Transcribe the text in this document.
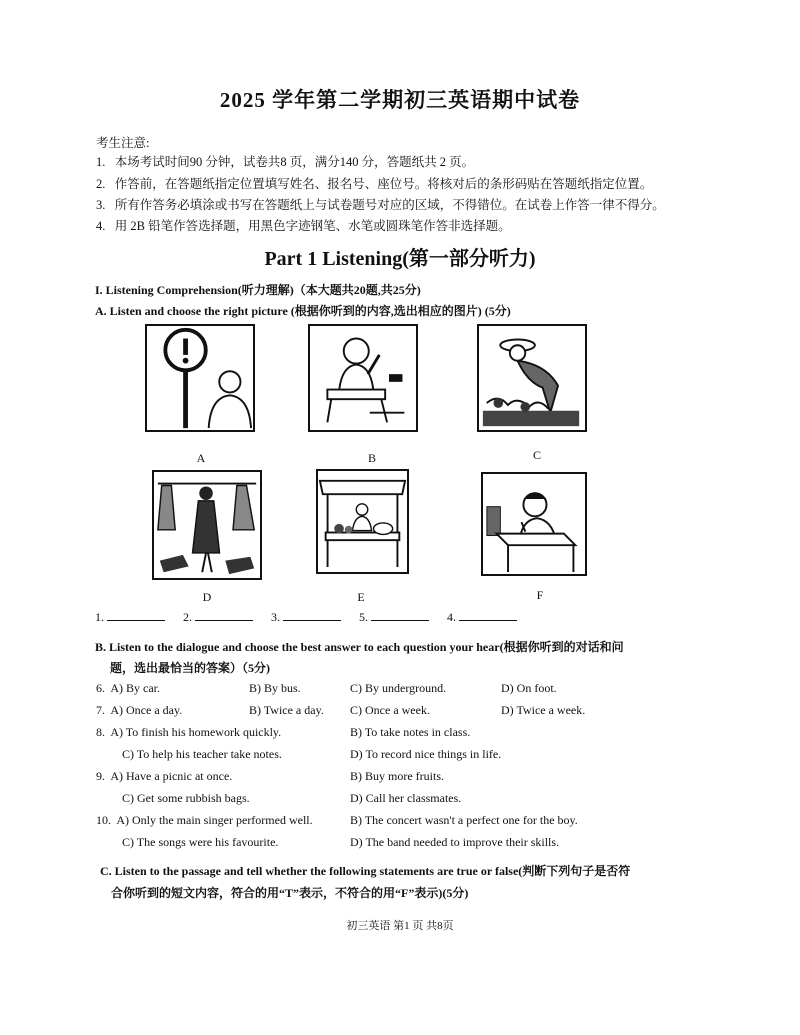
2025 学年第二学期初三英语期中试卷
考生注意:
1. 本场考试时间90 分钟，试卷共8 页，满分140 分，答题纸共 2 页。
2. 作答前，在答题纸指定位置填写姓名、报名号、座位号。将核对后的条形码贴在答题纸指定位置。
3. 所有作答务必填涂或书写在答题纸上与试卷题号对应的区域，不得错位。在试卷上作答一律不得分。
4. 用 2B 铅笔作答选择题，用黑色字迹钢笔、水笔或圆珠笔作答非选择题。
Part 1 Listening(第一部分听力)
I. Listening Comprehension(听力理解)（本大题共20题,共25分)
A. Listen and choose the right picture (根据你听到的内容,选出相应的图片) (5分)
A	B	C
D	E	F
1.	2.	3.	5.	4.
B. Listen to the dialogue and choose the best answer to each question your hear(根据你听到的对话和问
题，选出最恰当的答案）（5分)
6. A) By car.	B) By bus.	C) By underground.	D) On foot.
7. A) Once a day.	B) Twice a day. C) Once a week.	D) Twice a week.
8. A) To finish his homework quickly.	B) To take notes in class.
C) To help his teacher take notes.	D) To record nice things in life.
9. A) Have a picnic at once.	B) Buy more fruits.
C) Get some rubbish bags.	D) Call her classmates.
10. A) Only the main singer performed well.	B) The concert wasn't a perfect one for the boy.
C) The songs were his favourite.	D) The band needed to improve their skills.
C. Listen to the passage and tell whether the following statements are true or false(判断下列句子是否符
合你听到的短文内容，符合的用“T”表示，不符合的用“F”表示)(5分)
初三英语 第1 页 共8页
